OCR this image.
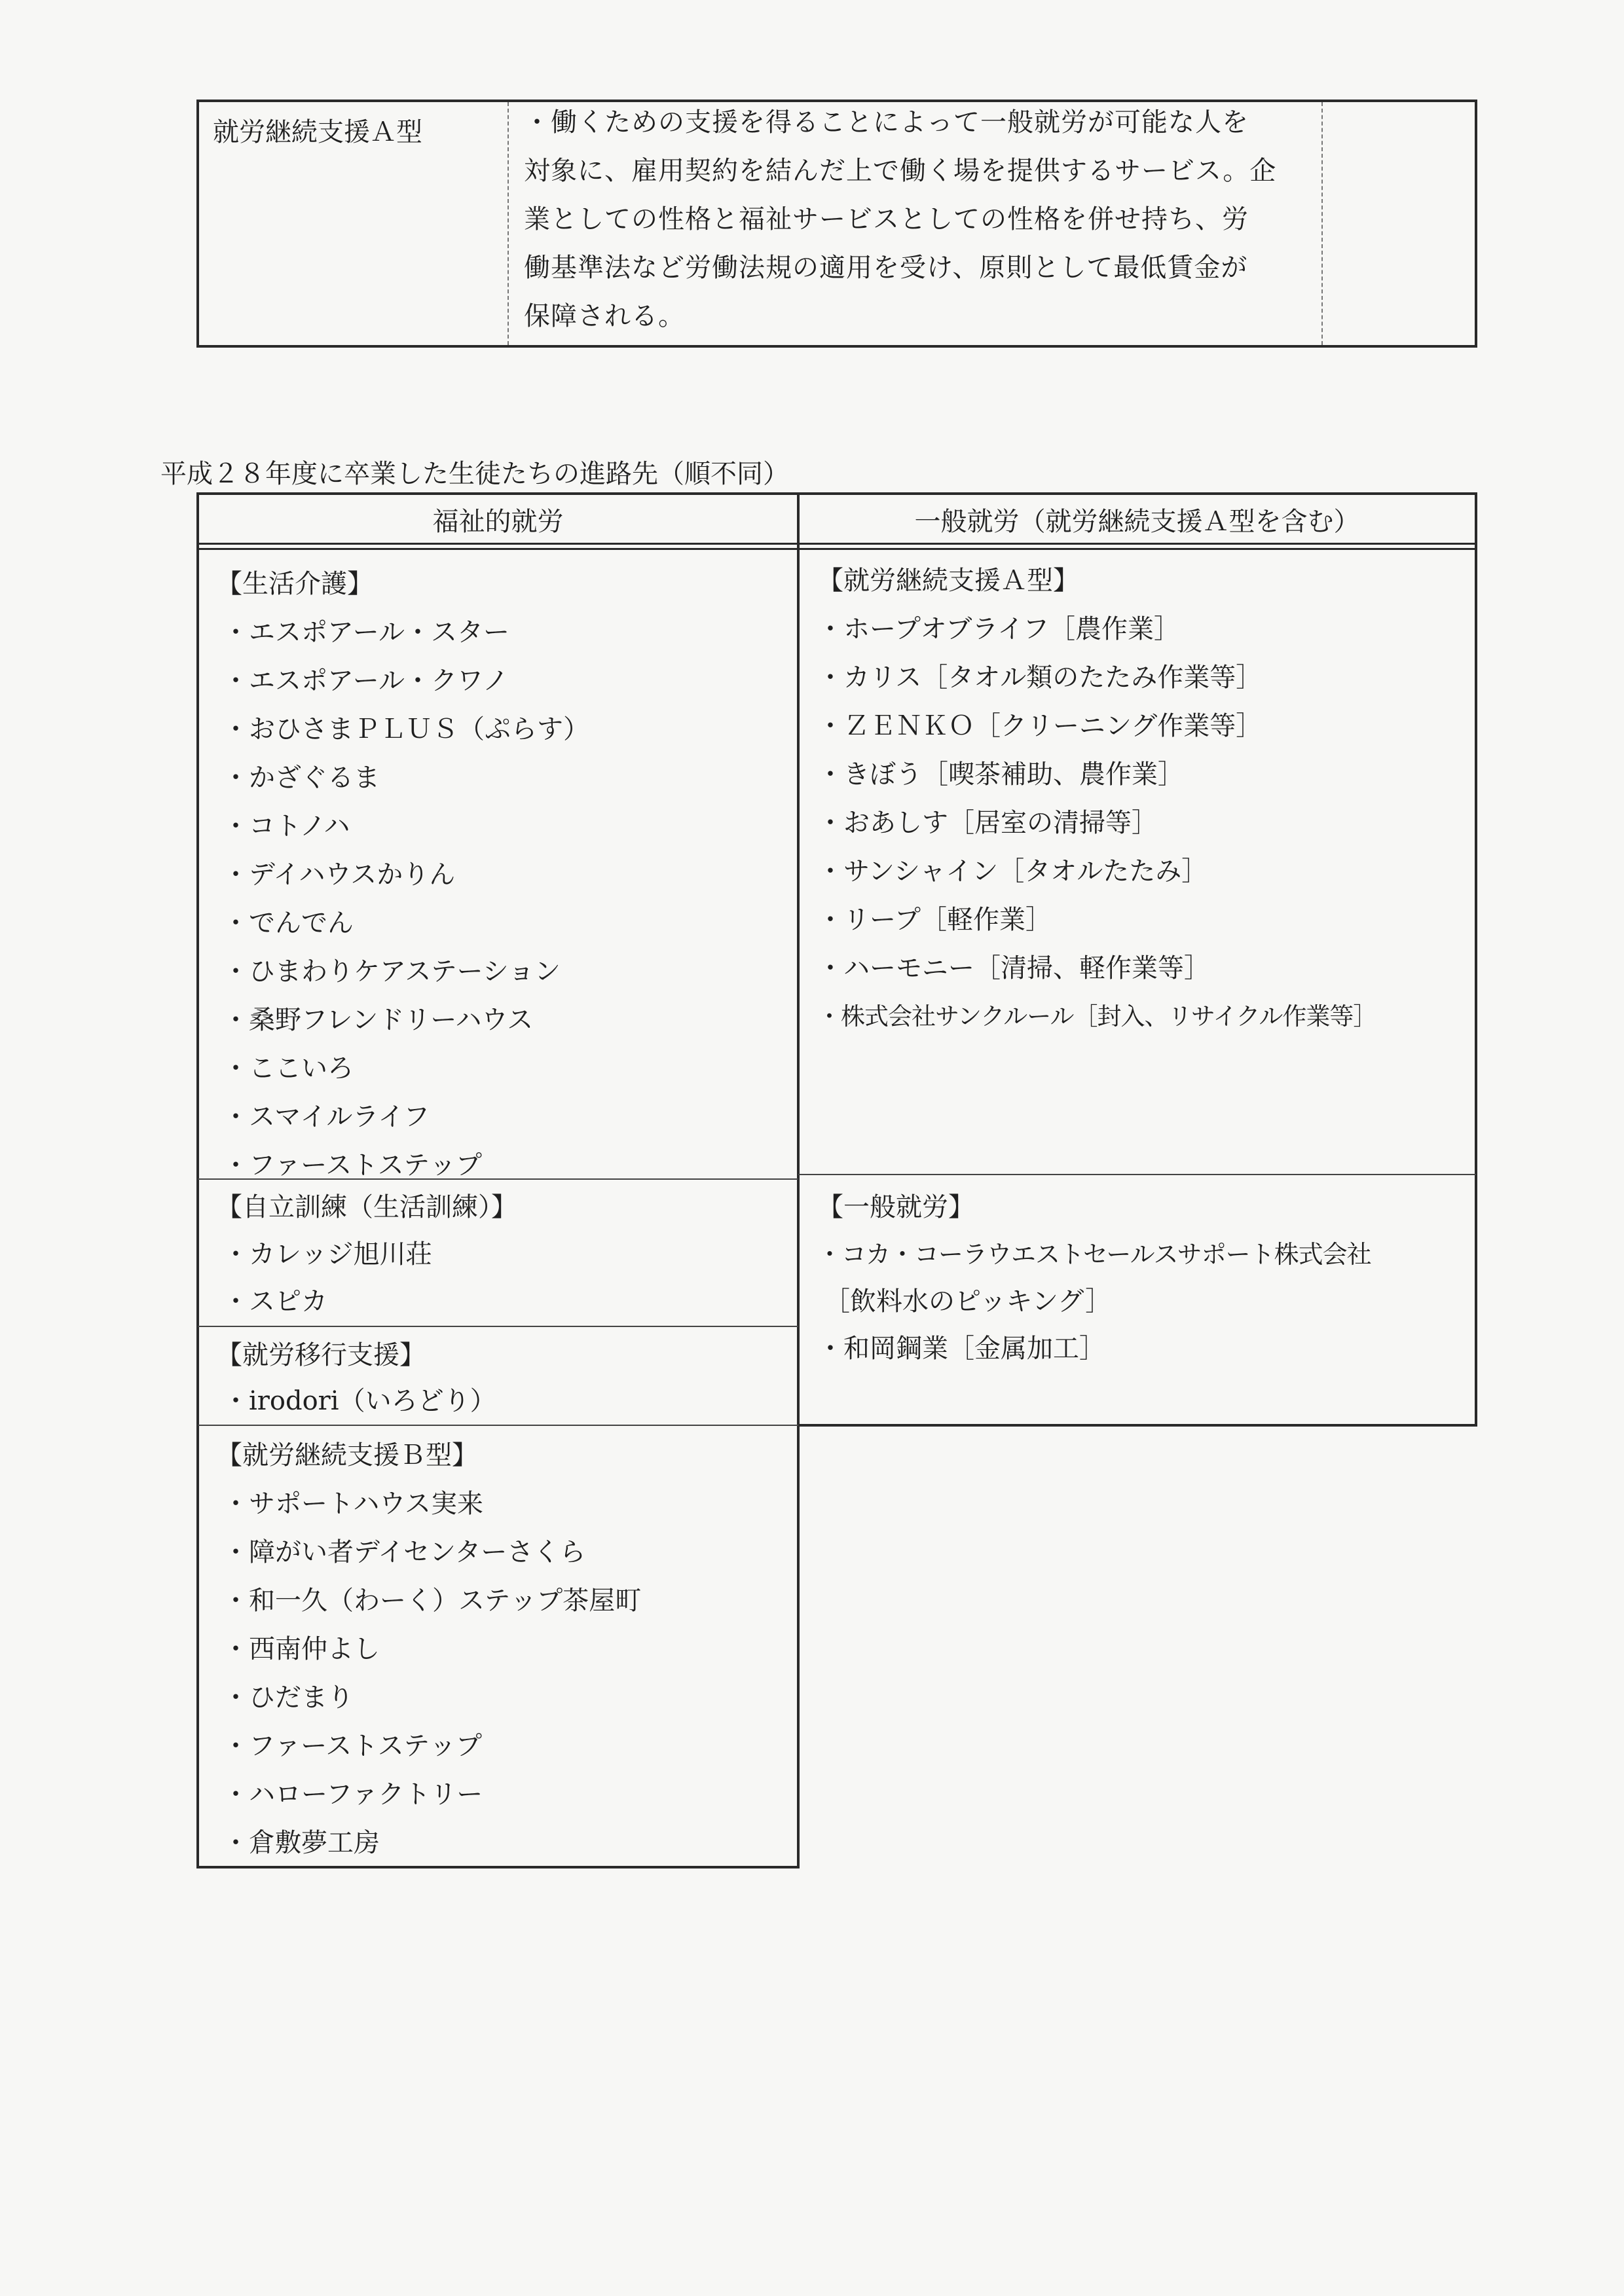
就労継続支援Ａ型	・働くための支援を得ることによって一般就労が可能な人を
対象に、雇用契約を結んだ上で働く場を提供するサービス。企
業としての性格と福祉サービスとしての性格を併せ持ち、労
働基準法など労働法規の適用を受け、原則として最低賃金が
保障される。
平成２８年度に卒業した生徒たちの進路先（順不同）
福祉的就労	一般就労（就労継続支援Ａ型を含む）
【生活介護】
・エスポアール・スター
・エスポアール・クワノ
・おひさまＰＬＵＳ（ぷらす）
・かざぐるま
・コトノハ
・デイハウスかりん
・でんでん
・ひまわりケアステーション
・桑野フレンドリーハウス
・ここいろ
・スマイルライフ
・ファーストステップ
【自立訓練（生活訓練）】
・カレッジ旭川荘
・スピカ
【就労移行支援】
・irodori（いろどり）
【就労継続支援Ｂ型】
・サポートハウス実来
・障がい者デイセンターさくら
・和一久（わーく）ステップ茶屋町
・西南仲よし
・ひだまり
・ファーストステップ
・ハローファクトリー
・倉敷夢工房
【就労継続支援Ａ型】
・ホープオブライフ［農作業］
・カリス［タオル類のたたみ作業等］
・ＺＥＮＫＯ［クリーニング作業等］
・きぼう［喫茶補助、農作業］
・おあしす［居室の清掃等］
・サンシャイン［タオルたたみ］
・リープ［軽作業］
・ハーモニー［清掃、軽作業等］
・株式会社サンクルール［封入、リサイクル作業等］
【一般就労】
・コカ・コーラウエストセールスサポート株式会社
［飲料水のピッキング］
・和岡鋼業［金属加工］
